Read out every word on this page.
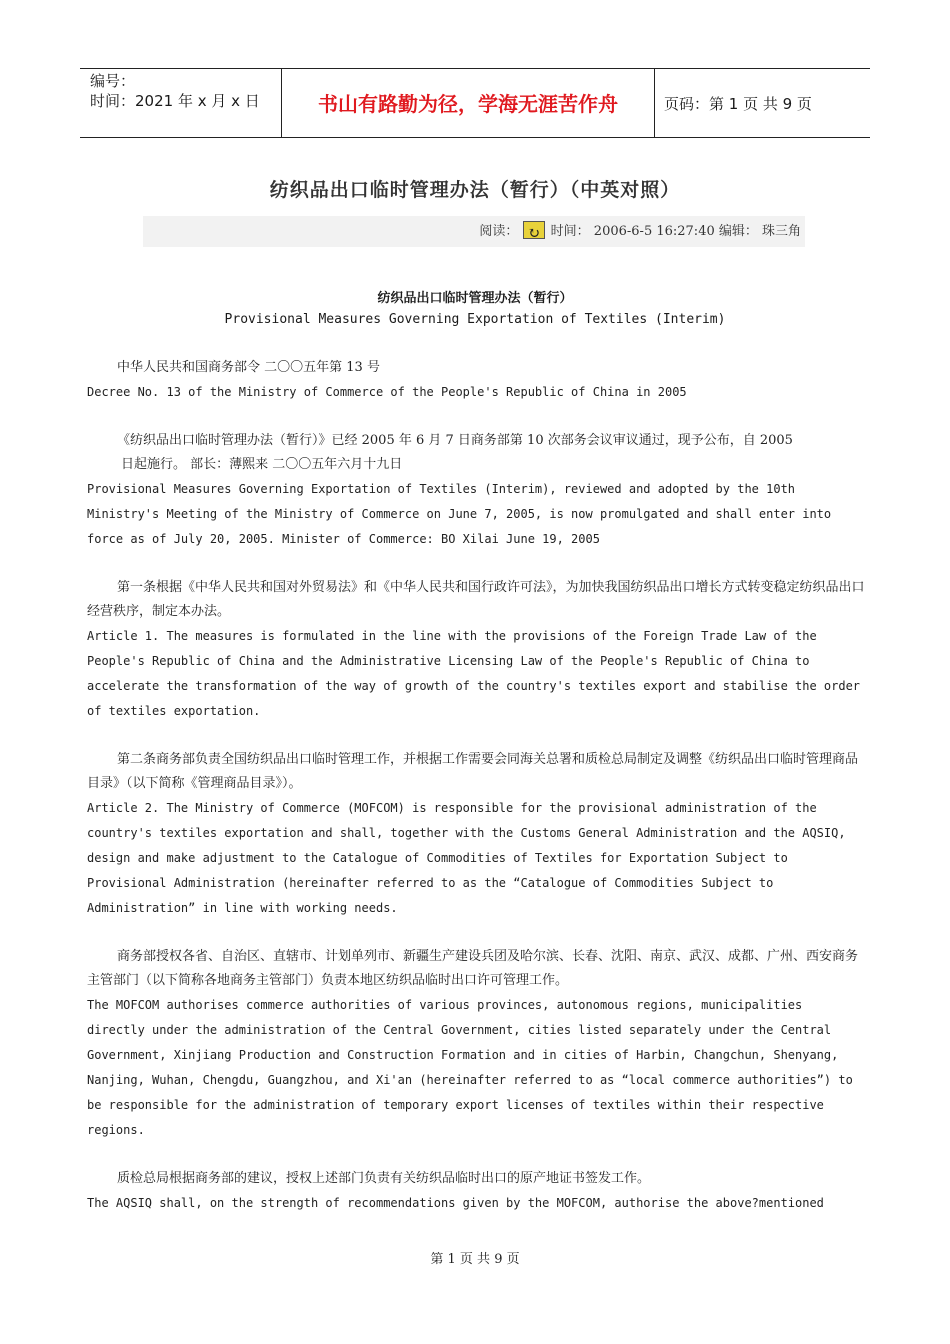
编号：
时间：2021 年 x 月 x 日	书山有路勤为径，学海无涯苦作舟	页码：第 1 页 共 9 页
纺织品出口临时管理办法（暂行）（中英对照）
阅读： ↻ 时间： 2006-6-5 16:27:40 编辑： 珠三角
纺织品出口临时管理办法（暂行）
Provisional Measures Governing Exportation of Textiles (Interim)

中华人民共和国商务部令 二〇〇五年第 13 号

Decree No. 13 of the Ministry of Commerce of the People's Republic of China in 2005

《纺织品出口临时管理办法（暂行）》已经 2005 年 6 月 7 日商务部第 10 次部务会议审议通过，现予公布，自 2005

日起施行。 部长：薄熙来 二〇〇五年六月十九日

Provisional Measures Governing Exportation of Textiles (Interim), reviewed and adopted by the 10th Ministry's Meeting of the Ministry of Commerce on June 7, 2005, is now promulgated and shall enter into force as of July 20, 2005. Minister of Commerce: BO Xilai June 19, 2005

第一条根据《中华人民共和国对外贸易法》和《中华人民共和国行政许可法》，为加快我国纺织品出口增长方式转变稳定纺织品出口经营秩序，制定本办法。

Article 1. The measures is formulated in the line with the provisions of the Foreign Trade Law of the People's Republic of China and the Administrative Licensing Law of the People's Republic of China to accelerate the transformation of the way of growth of the country's textiles export and stabilise the order of textiles exportation.

第二条商务部负责全国纺织品出口临时管理工作，并根据工作需要会同海关总署和质检总局制定及调整《纺织品出口临时管理商品目录》（以下简称《管理商品目录》）。

Article 2. The Ministry of Commerce (MOFCOM) is responsible for the provisional administration of the country's textiles exportation and shall, together with the Customs General Administration and the AQSIQ, design and make adjustment to the Catalogue of Commodities of Textiles for Exportation Subject to Provisional Administration (hereinafter referred to as the “Catalogue of Commodities Subject to Administration” in line with working needs.

商务部授权各省、自治区、直辖市、计划单列市、新疆生产建设兵团及哈尔滨、长春、沈阳、南京、武汉、成都、广州、西安商务主管部门（以下简称各地商务主管部门）负责本地区纺织品临时出口许可管理工作。

The MOFCOM authorises commerce authorities of various provinces, autonomous regions, municipalities directly under the administration of the Central Government, cities listed separately under the Central Government, Xinjiang Production and Construction Formation and in cities of Harbin, Changchun, Shenyang, Nanjing, Wuhan, Chengdu, Guangzhou, and Xi'an (hereinafter referred to as “local commerce authorities”) to be responsible for the administration of temporary export licenses of textiles within their respective regions.

质检总局根据商务部的建议，授权上述部门负责有关纺织品临时出口的原产地证书签发工作。

The AQSIQ shall, on the strength of recommendations given by the MOFCOM, authorise the above?mentioned

第 1 页 共 9 页
